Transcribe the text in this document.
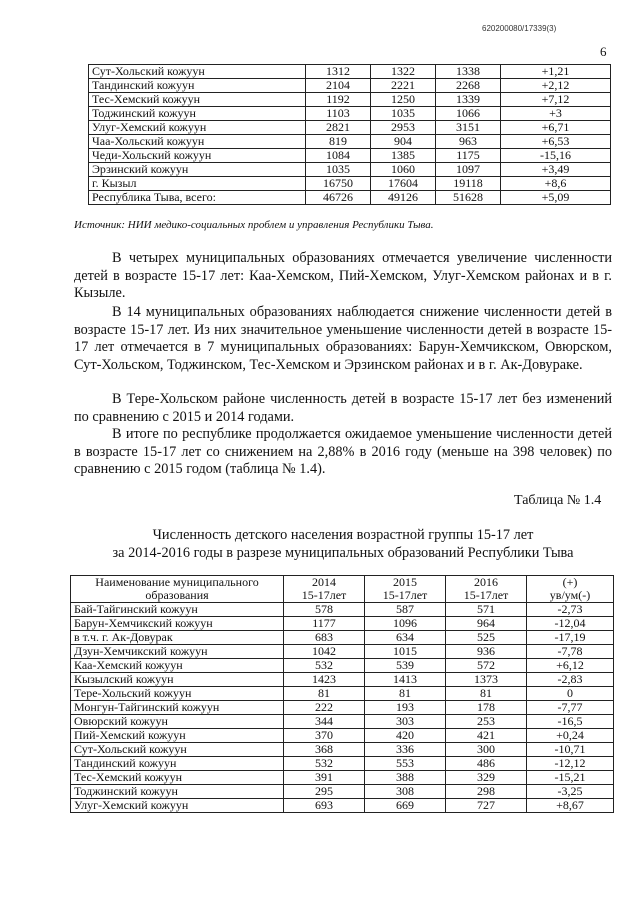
620200080/17339(3)
6
Сут-Хольский кожуун	1312	1322	1338	+1,21
Тандинский кожуун	2104	2221	2268	+2,12
Тес-Хемский кожуун	1192	1250	1339	+7,12
Тоджинский кожуун	1103	1035	1066	+3
Улуг-Хемский кожуун	2821	2953	3151	+6,71
Чаа-Хольский кожуун	819	904	963	+6,53
Чеди-Хольский кожуун	1084	1385	1175	-15,16
Эрзинский кожуун	1035	1060	1097	+3,49
г. Кызыл	16750	17604	19118	+8,6
Республика Тыва, всего:	46726	49126	51628	+5,09
Источник: НИИ медико-социальных проблем и управления Республики Тыва.

В четырех муниципальных образованиях отмечается увеличение численности детей в возрасте 15-17 лет: Каа-Хемском, Пий-Хемском, Улуг-Хемском районах и в г. Кызыле.

В 14 муниципальных образованиях наблюдается снижение численности детей в возрасте 15-17 лет. Из них значительное уменьшение численности детей в возрасте 15-17 лет отмечается в 7 муниципальных образованиях: Барун-Хемчикском, Овюрском, Сут-Хольском, Тоджинском, Тес-Хемском и Эрзинском районах и в г. Ак-Довураке.

В Тере-Хольском районе численность детей в возрасте 15-17 лет без изменений по сравнению с 2015 и 2014 годами.

В итоге по республике продолжается ожидаемое уменьшение численности детей в возрасте 15-17 лет со снижением на 2,88% в 2016 году (меньше на 398 человек) по сравнению с 2015 годом (таблица № 1.4).

Таблица № 1.4
Численность детского населения возрастной группы 15-17 лет
за 2014-2016 годы в разрезе муниципальных образований Республики Тыва
Наименование муниципального образования	2014	2015	2016	(+)
	15-17лет	15-17лет	15-17лет	ув/ум(-)
Бай-Тайгинский кожуун	578	587	571	-2,73
Барун-Хемчикский кожуун	1177	1096	964	-12,04
в т.ч. г. Ак-Довурак	683	634	525	-17,19
Дзун-Хемчикский кожуун	1042	1015	936	-7,78
Каа-Хемский кожуун	532	539	572	+6,12
Кызылский кожуун	1423	1413	1373	-2,83
Тере-Хольский кожуун	81	81	81	0
Монгун-Тайгинский кожуун	222	193	178	-7,77
Овюрский кожуун	344	303	253	-16,5
Пий-Хемский кожуун	370	420	421	+0,24
Сут-Хольский кожуун	368	336	300	-10,71
Тандинский кожуун	532	553	486	-12,12
Тес-Хемский кожуун	391	388	329	-15,21
Тоджинский кожуун	295	308	298	-3,25
Улуг-Хемский кожуун	693	669	727	+8,67
